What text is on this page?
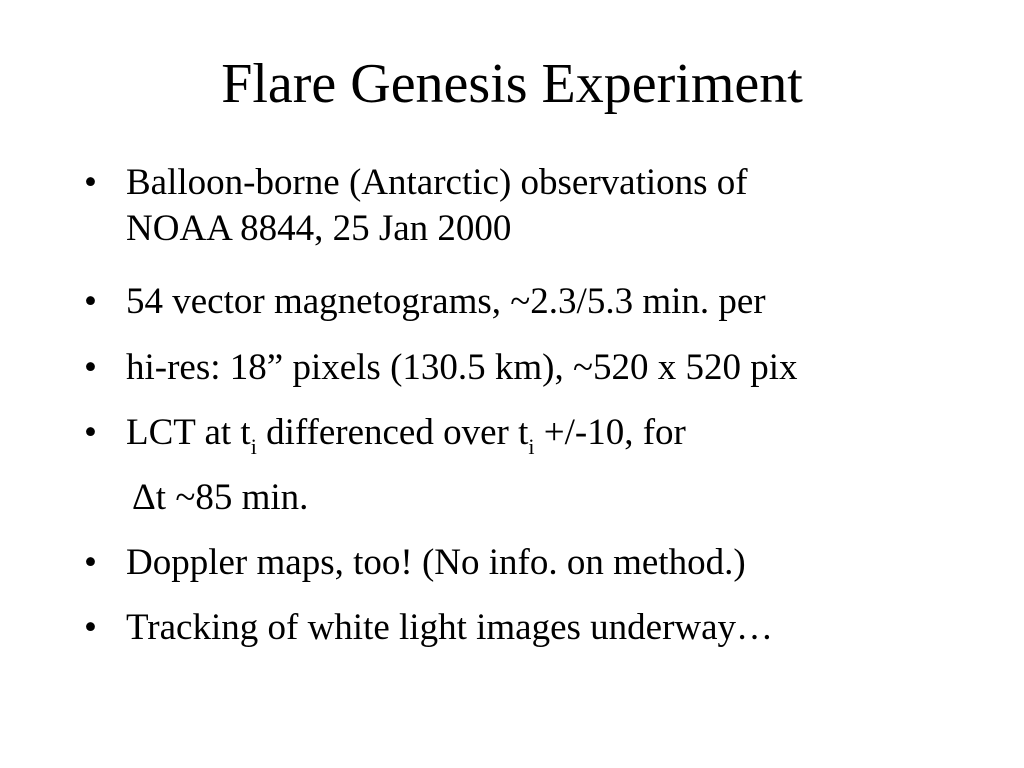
Flare Genesis Experiment
• Balloon-borne (Antarctic) observations of
NOAA 8844, 25 Jan 2000
• 54 vector magnetograms, ~2.3/5.3 min. per
• hi-res: 18” pixels (130.5 km), ~520 x 520 pix
• LCT at $t_i$ differenced over $t_i +/-10$, for
Δt ~85 min.
• Doppler maps, too! (No info. on method.)
• Tracking of white light images underway…
